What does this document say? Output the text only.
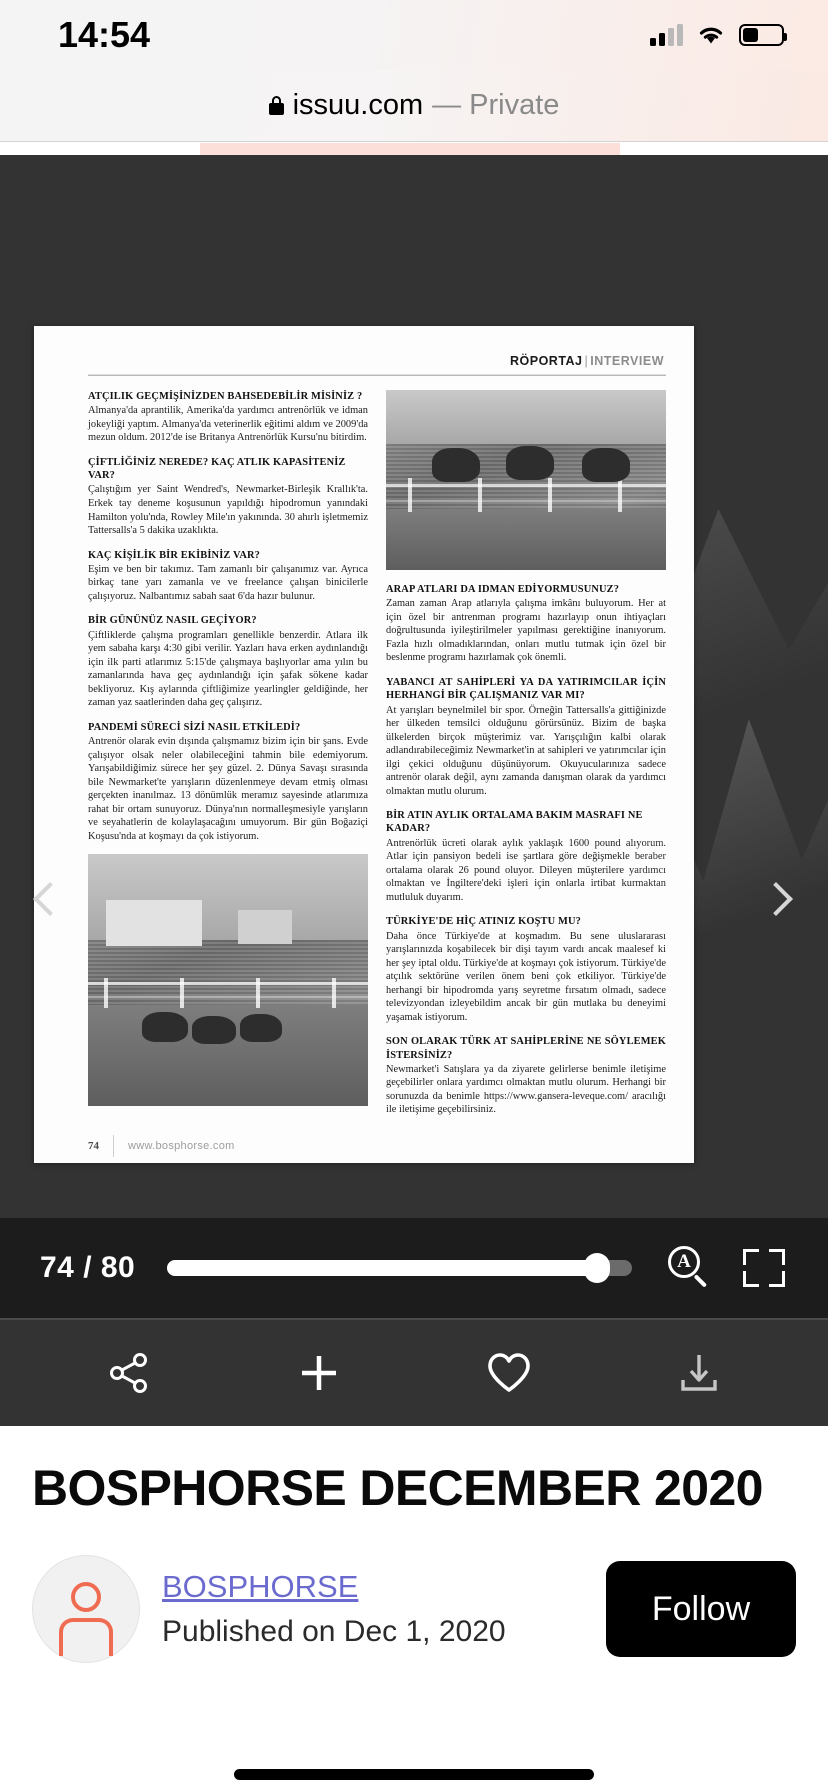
14:54
issuu.com — Private
RÖPORTAJ | INTERVIEW
ATÇILIK GEÇMİŞİNİZDEN BAHSEDEBİLİR MİSİNİZ ?

Almanya'da aprantilik, Amerika'da yardımcı antrenörlük ve idman jokeyliği yaptım. Almanya'da veterinerlik eğitimi aldım ve 2009'da mezun oldum. 2012'de ise Britanya Antrenörlük Kursu'nu bitirdim.

ÇİFTLİĞİNİZ NEREDE? KAÇ ATLIK KAPASİTENİZ VAR?

Çalıştığım yer Saint Wendred's, Newmarket-Birleşik Krallık'ta. Erkek tay deneme koşusunun yapıldığı hipodromun yanındaki Hamilton yolu'nda, Rowley Mile'ın yakınında. 30 ahırlı işletmemiz Tattersalls'a 5 dakika uzaklıkta.

KAÇ KİŞİLİK BİR EKİBİNİZ VAR?

Eşim ve ben bir takımız. Tam zamanlı bir çalışanımız var. Ayrıca birkaç tane yarı zamanla ve ve freelance çalışan binicilerle çalışıyoruz. Nalbantımız sabah saat 6'da hazır bulunur.

BİR GÜNÜNÜZ NASIL GEÇİYOR?

Çiftliklerde çalışma programları genellikle benzerdir. Atlara ilk yem sabaha karşı 4:30 gibi verilir. Yazları hava erken aydınlandığı için ilk parti atlarımız 5:15'de çalışmaya başlıyorlar ama yılın bu zamanlarında hava geç aydınlandığı için şafak sökene kadar bekliyoruz. Kış aylarında çiftliğimize yearlingler geldiğinde, her zaman yaz saatlerinden daha geç çalışırız.

PANDEMİ SÜRECİ SİZİ NASIL ETKİLEDİ?

Antrenör olarak evin dışında çalışmamız bizim için bir şans. Evde çalışıyor olsak neler olabileceğini tahmin bile edemiyorum. Yarışabildiğimiz sürece her şey güzel. 2. Dünya Savaşı sırasında bile Newmarket'te yarışların düzenlenmeye devam etmiş olması gerçekten inanılmaz. 13 dönümlük meramız sayesinde atlarımıza rahat bir ortam sunuyoruz. Dünya'nın normalleşmesiyle yarışların ve seyahatlerin de kolaylaşacağını umuyorum. Bir gün Boğaziçi Koşusu'nda at koşmayı da çok istiyorum.

ARAP ATLARI DA IDMAN EDİYORMUSUNUZ?

Zaman zaman Arap atlarıyla çalışma imkânı buluyorum. Her at için özel bir antrenman programı hazırlayıp onun ihtiyaçları doğrultusunda iyileştirilmeler yapılması gerektiğine inanıyorum. Fazla hızlı olmadıklarından, onları mutlu tutmak için özel bir beslenme programı hazırlamak çok önemli.

YABANCI AT SAHİPLERİ YA DA YATIRIMCILAR İÇİN HERHANGİ BİR ÇALIŞMANIZ VAR MI?

At yarışları beynelmilel bir spor. Örneğin Tattersalls'a gittiğinizde her ülkeden temsilci olduğunu görürsünüz. Bizim de başka ülkelerden birçok müşterimiz var. Yarışçılığın kalbi olarak adlandırabileceğimiz Newmarket'in at sahipleri ve yatırımcılar için ilgi çekici olduğunu düşünüyorum. Okuyucularınıza sadece antrenör olarak değil, aynı zamanda danışman olarak da yardımcı olmaktan mutlu olurum.

BİR ATIN AYLIK ORTALAMA BAKIM MASRAFI NE KADAR?

Antrenörlük ücreti olarak aylık yaklaşık 1600 pound alıyorum. Atlar için pansiyon bedeli ise şartlara göre değişmekle beraber ortalama olarak 26 pound oluyor. Dileyen müşterilere yardımcı olmaktan ve İngiltere'deki işleri için onlarla irtibat kurmaktan mutluluk duyarım.

TÜRKİYE'DE HİÇ ATINIZ KOŞTU MU?

Daha önce Türkiye'de at koşmadım. Bu sene uluslararası yarışlarınızda koşabilecek bir dişi tayım vardı ancak maalesef ki her şey iptal oldu. Türkiye'de at koşmayı çok istiyorum. Türkiye'de atçılık sektörüne verilen önem beni çok etkiliyor. Türkiye'de herhangi bir hipodromda yarış seyretme fırsatım olmadı, sadece televizyondan izleyebildim ancak bir gün mutlaka bu deneyimi yaşamak istiyorum.

SON OLARAK TÜRK AT SAHİPLERİNE NE SÖYLEMEK İSTERSİNİZ?

Newmarket'i Satışlara ya da ziyarete gelirlerse benimle iletişime geçebilirler onlara yardımcı olmaktan mutlu olurum. Herhangi bir sorunuzda da benimle https://www.gansera-leveque.com/ aracılığı ile iletişime geçebilirsiniz.

74	www.bosphorse.com
74 / 80	A
BOSPHORSE DECEMBER 2020
BOSPHORSE
Published on Dec 1, 2020
Follow
